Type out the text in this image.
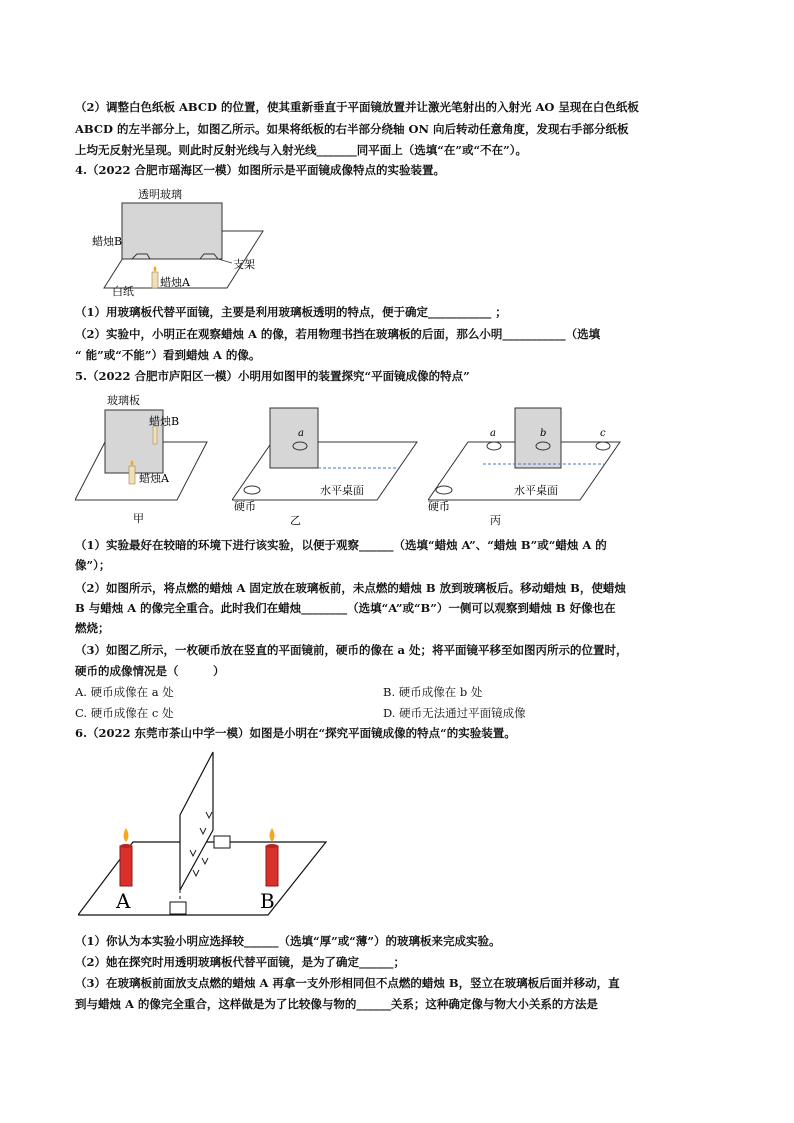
（2）调整白色纸板 ABCD 的位置，使其重新垂直于平面镜放置并让激光笔射出的入射光 AO 呈现在白色纸板
ABCD 的左半部分上，如图乙所示。如果将纸板的右半部分绕轴 ON 向后转动任意角度，发现右手部分纸板
上均无反射光呈现。则此时反射光线与入射光线_______同平面上（选填“在”或“不在”）。
4.（2022 合肥市瑶海区一模）如图所示是平面镜成像特点的实验装置。
透明玻璃
蜡烛B
支架
白纸
蜡烛A
（1）用玻璃板代替平面镜，主要是利用玻璃板透明的特点，便于确定___________ ；
（2）实验中，小明正在观察蜡烛 A 的像，若用物理书挡在玻璃板的后面，那么小明___________（选填
“ 能”或“不能”）看到蜡烛 A 的像。
5.（2022 合肥市庐阳区一模）小明用如图甲的装置探究“平面镜成像的特点”
玻璃板
蜡烛B
蜡烛A
甲
a
水平桌面
硬币
乙
a	b	c
水平桌面
硬币
丙
（1）实验最好在较暗的环境下进行该实验，以便于观察______（选填“蜡烛 A”、“蜡烛 B”或“蜡烛 A 的
像”）；
（2）如图所示，将点燃的蜡烛 A 固定放在玻璃板前，未点燃的蜡烛 B 放到玻璃板后。移动蜡烛 B，使蜡烛
B 与蜡烛 A 的像完全重合。此时我们在蜡烛________（选填“A”或“B”）一侧可以观察到蜡烛 B 好像也在
燃烧；
（3）如图乙所示，一枚硬币放在竖直的平面镜前，硬币的像在 a 处；将平面镜平移至如图丙所示的位置时，
硬币的成像情况是（　　　）
A. 硬币成像在 a 处	B. 硬币成像在 b 处
C. 硬币成像在 c 处	D. 硬币无法通过平面镜成像
6.（2022 东莞市茶山中学一模）如图是小明在“探究平面镜成像的特点“的实验装置。
A	B
（1）你认为本实验小明应选择较______（选填“厚”或“薄”）的玻璃板来完成实验。
（2）她在探究时用透明玻璃板代替平面镜，是为了确定______；
（3）在玻璃板前面放支点燃的蜡烛 A 再拿一支外形相同但不点燃的蜡烛 B，竖立在玻璃板后面并移动，直
到与蜡烛 A 的像完全重合，这样做是为了比较像与物的______关系；这种确定像与物大小关系的方法是
